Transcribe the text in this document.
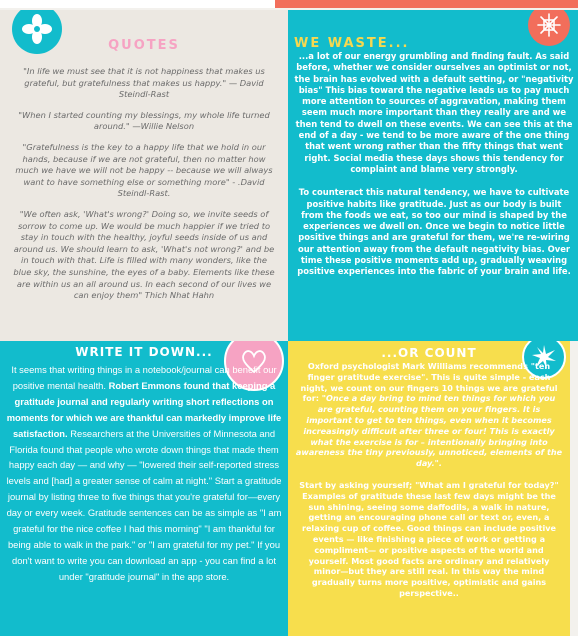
QUOTES

"In life we must see that it is not happiness that makes us grateful, but gratefulness that makes us happy." — David Steindl-Rast

"When I started counting my blessings, my whole life turned around." —Willie Nelson

"Gratefulness is the key to a happy life that we hold in our hands, because if we are not grateful, then no matter how much we have we will not be happy -- because we will always want to have something else or something more" - .David Steindl-Rast.

"We often ask, 'What's wrong?' Doing so, we invite seeds of sorrow to come up. We would be much happier if we tried to stay in touch with the healthy, joyful seeds inside of us and around us. We should learn to ask, 'What's not wrong?' and be in touch with that. Life is filled with many wonders, like the blue sky, the sunshine, the eyes of a baby. Elements like these are within us an all around us. In each second of our lives we can enjoy them" Thich Nhat Hahn

WE WASTE...

...a lot of our energy grumbling and finding fault. As said before, whether we consider ourselves an optimist or not, the brain has evolved with a default setting, or "negativity bias" This bias toward the negative leads us to pay much more attention to sources of aggravation, making them seem much more important than they really are and we then tend to dwell on these events. We can see this at the end of a day - we tend to be more aware of the one thing that went wrong rather than the fifty things that went right. Social media these days shows this tendency for complaint and blame very strongly.

To counteract this natural tendency, we have to cultivate positive habits like gratitude. Just as our body is built from the foods we eat, so too our mind is shaped by the experiences we dwell on. Once we begin to notice little positive things and are grateful for them, we're re-wiring our attention away from the default negativity bias. Over time these positive moments add up, gradually weaving positive experiences into the fabric of your brain and life.

WRITE IT DOWN...

It seems that writing things in a notebook/journal can benefit our positive mental health. Robert Emmons found that keeping a gratitude journal and regularly writing short reflections on moments for which we are thankful can markedly improve life satisfaction. Researchers at the Universities of Minnesota and Florida found that people who wrote down things that made them happy each day — and why — "lowered their self-reported stress levels and [had] a greater sense of calm at night." Start a gratitude journal by listing three to five things that you're grateful for—every day or every week. Gratitude sentences can be as simple as "I am grateful for the nice coffee I had this morning" "I am thankful for being able to walk in the park." or "I am grateful for my pet." If you don't want to write you can download an app - you can find a lot under "gratitude journal" in the app store.

...OR COUNT

Oxford psychologist Mark Williams recommends "ten finger gratitude exercise". This is quite simple - each night, we count on our fingers 10 things we are grateful for: "Once a day bring to mind ten things for which you are grateful, counting them on your fingers. It is important to get to ten things, even when it becomes increasingly difficult after three or four! This is exactly what the exercise is for – intentionally bringing into awareness the tiny previously, unnoticed, elements of the day.".

Start by asking yourself; "What am I grateful for today?" Examples of gratitude these last few days might be the sun shining, seeing some daffodils, a walk in nature, getting an encouraging phone call or text or, even, a relaxing cup of coffee. Good things can include positive events — like finishing a piece of work or getting a compliment— or positive aspects of the world and yourself. Most good facts are ordinary and relatively minor—but they are still real. In this way the mind gradually turns more positive, optimistic and gains perspective..
